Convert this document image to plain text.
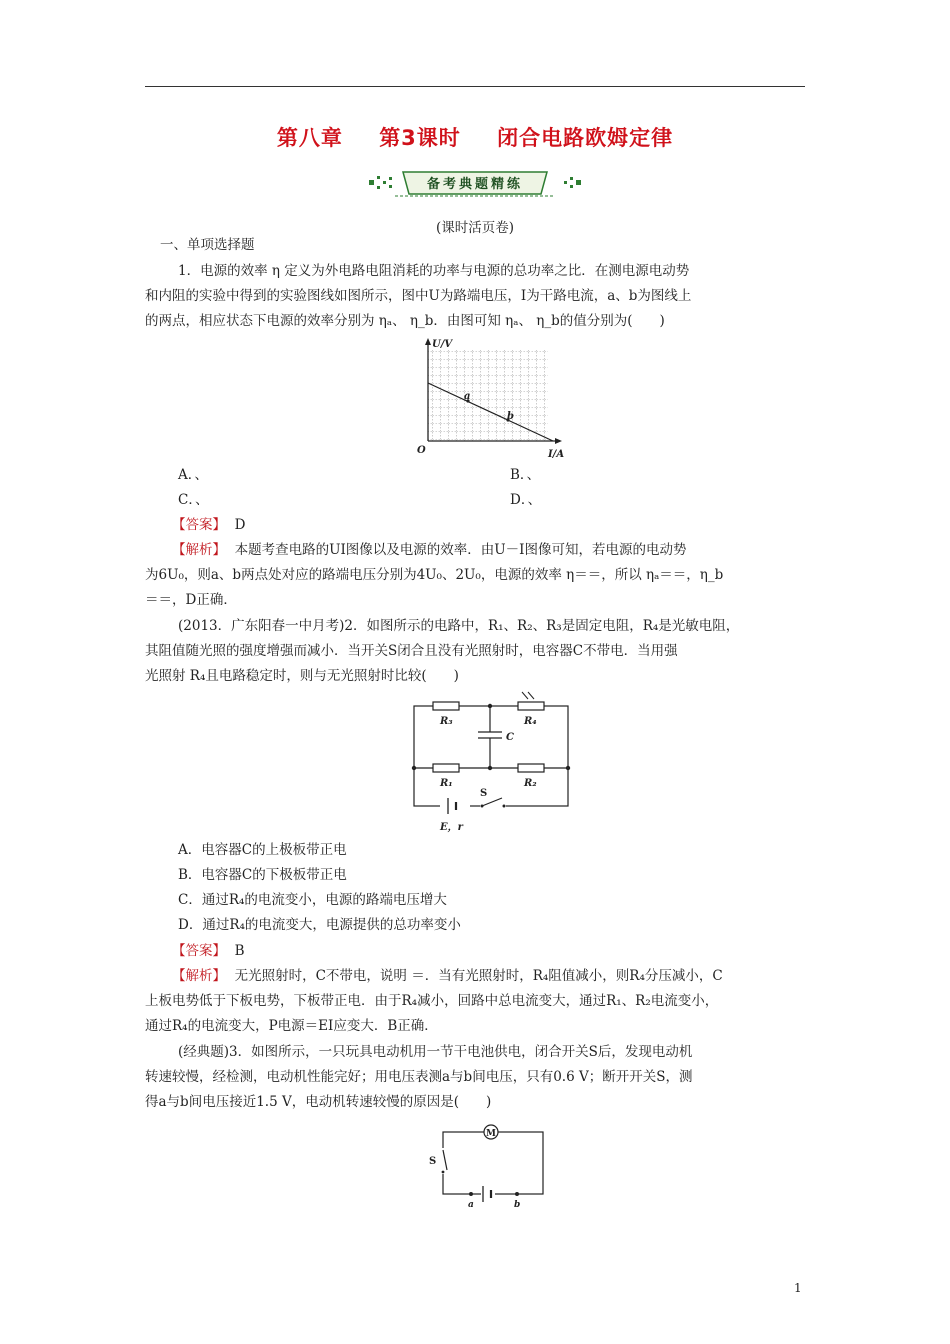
第八章 第3课时 闭合电路欧姆定律
备考典题精练
(课时活页卷)
一、单项选择题
1．电源的效率 η 定义为外电路电阻消耗的功率与电源的总功率之比．在测电源电动势
和内阻的实验中得到的实验图线如图所示，图中U为路端电压，I为干路电流，a、b为图线上
的两点，相应状态下电源的效率分别为 ηₐ、 η_b．由图可知 ηₐ、 η_b的值分别为(　　)
U/V
I/A
O
a
b
A．、	B．、
C．、	D．、
【答案】 D
【解析】 本题考查电路的UI图像以及电源的效率．由U－I图像可知，若电源的电动势
为6U₀，则a、b两点处对应的路端电压分别为4U₀、2U₀，电源的效率 η＝＝，所以 ηₐ＝＝，η_b
＝＝，D正确．
(2013．广东阳春一中月考)2．如图所示的电路中，R₁、R₂、R₃是固定电阻，R₄是光敏电阻，
其阻值随光照的强度增强而减小．当开关S闭合且没有光照射时，电容器C不带电．当用强
光照射 R₄且电路稳定时，则与无光照射时比较(　　)
R₃	R₄
C
R₁	R₂
S
E，r
A．电容器C的上极板带正电
B．电容器C的下极板带正电
C．通过R₄的电流变小，电源的路端电压增大
D．通过R₄的电流变大，电源提供的总功率变小
【答案】 B
【解析】 无光照射时，C不带电，说明 ＝．当有光照射时，R₄阻值减小，则R₄分压减小，C
上板电势低于下板电势，下板带正电．由于R₄减小，回路中总电流变大，通过R₁、R₂电流变小，
通过R₄的电流变大，P电源＝EI应变大．B正确．
(经典题)3．如图所示，一只玩具电动机用一节干电池供电，闭合开关S后，发现电动机
转速较慢，经检测，电动机性能完好；用电压表测a与b间电压，只有0.6 V；断开开关S，测
得a与b间电压接近1.5 V，电动机转速较慢的原因是(　　)
M
S
a	b
1
